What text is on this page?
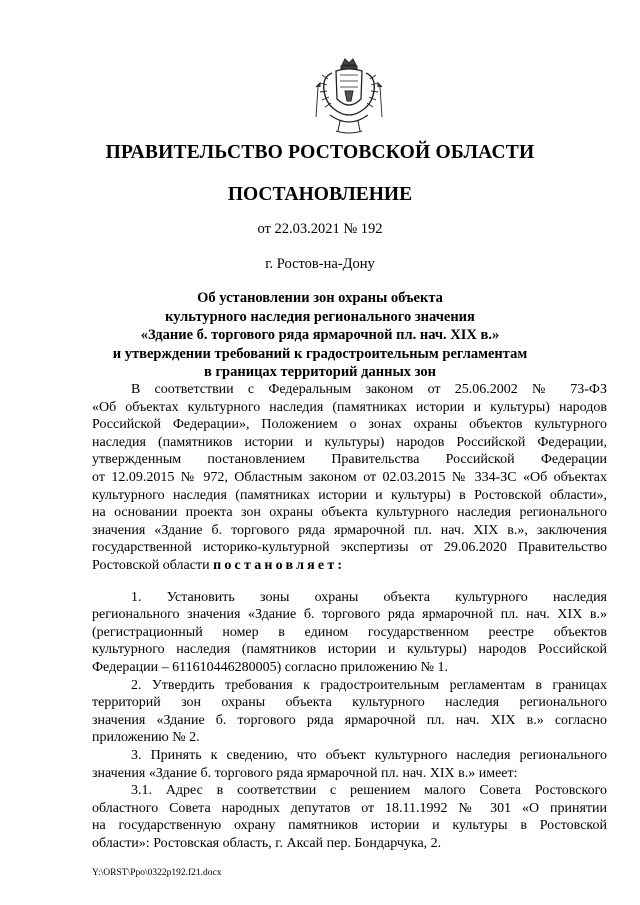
ПРАВИТЕЛЬСТВО РОСТОВСКОЙ ОБЛАСТИ
ПОСТАНОВЛЕНИЕ
от 22.03.2021 № 192
г. Ростов-на-Дону
Об установлении зон охраны объекта
культурного наследия регионального значения
«Здание б. торгового ряда ярмарочной пл. нач. XIX в.»
и утверждении требований к градостроительным регламентам
в границах территорий данных зон
В соответствии с Федеральным законом от 25.06.2002 № 73-ФЗ
«Об объектах культурного наследия (памятниках истории и культуры) народов
Российской Федерации», Положением о зонах охраны объектов культурного
наследия (памятников истории и культуры) народов Российской Федерации,
утвержденным постановлением Правительства Российской Федерации
от 12.09.2015 № 972, Областным законом от 02.03.2015 № 334-ЗС «Об объектах
культурного наследия (памятниках истории и культуры) в Ростовской области»,
на основании проекта зон охраны объекта культурного наследия регионального
значения «Здание б. торгового ряда ярмарочной пл. нач. XIX в.», заключения
государственной историко-культурной экспертизы от 29.06.2020 Правительство
Ростовской области постановляет:
1. Установить зоны охраны объекта культурного наследия
регионального значения «Здание б. торгового ряда ярмарочной пл. нач. XIX в.»
(регистрационный номер в едином государственном реестре объектов
культурного наследия (памятников истории и культуры) народов Российской
Федерации – 611610446280005) согласно приложению № 1.
2. Утвердить требования к градостроительным регламентам в границах
территорий зон охраны объекта культурного наследия регионального
значения «Здание б. торгового ряда ярмарочной пл. нач. XIX в.» согласно
приложению № 2.
3. Принять к сведению, что объект культурного наследия регионального
значения «Здание б. торгового ряда ярмарочной пл. нач. XIX в.» имеет:
3.1. Адрес в соответствии с решением малого Совета Ростовского
областного Совета народных депутатов от 18.11.1992 № 301 «О принятии
на государственную охрану памятников истории и культуры в Ростовской
области»: Ростовская область, г. Аксай пер. Бондарчука, 2.
Y:\ORST\Ppo\0322p192.f21.docx
